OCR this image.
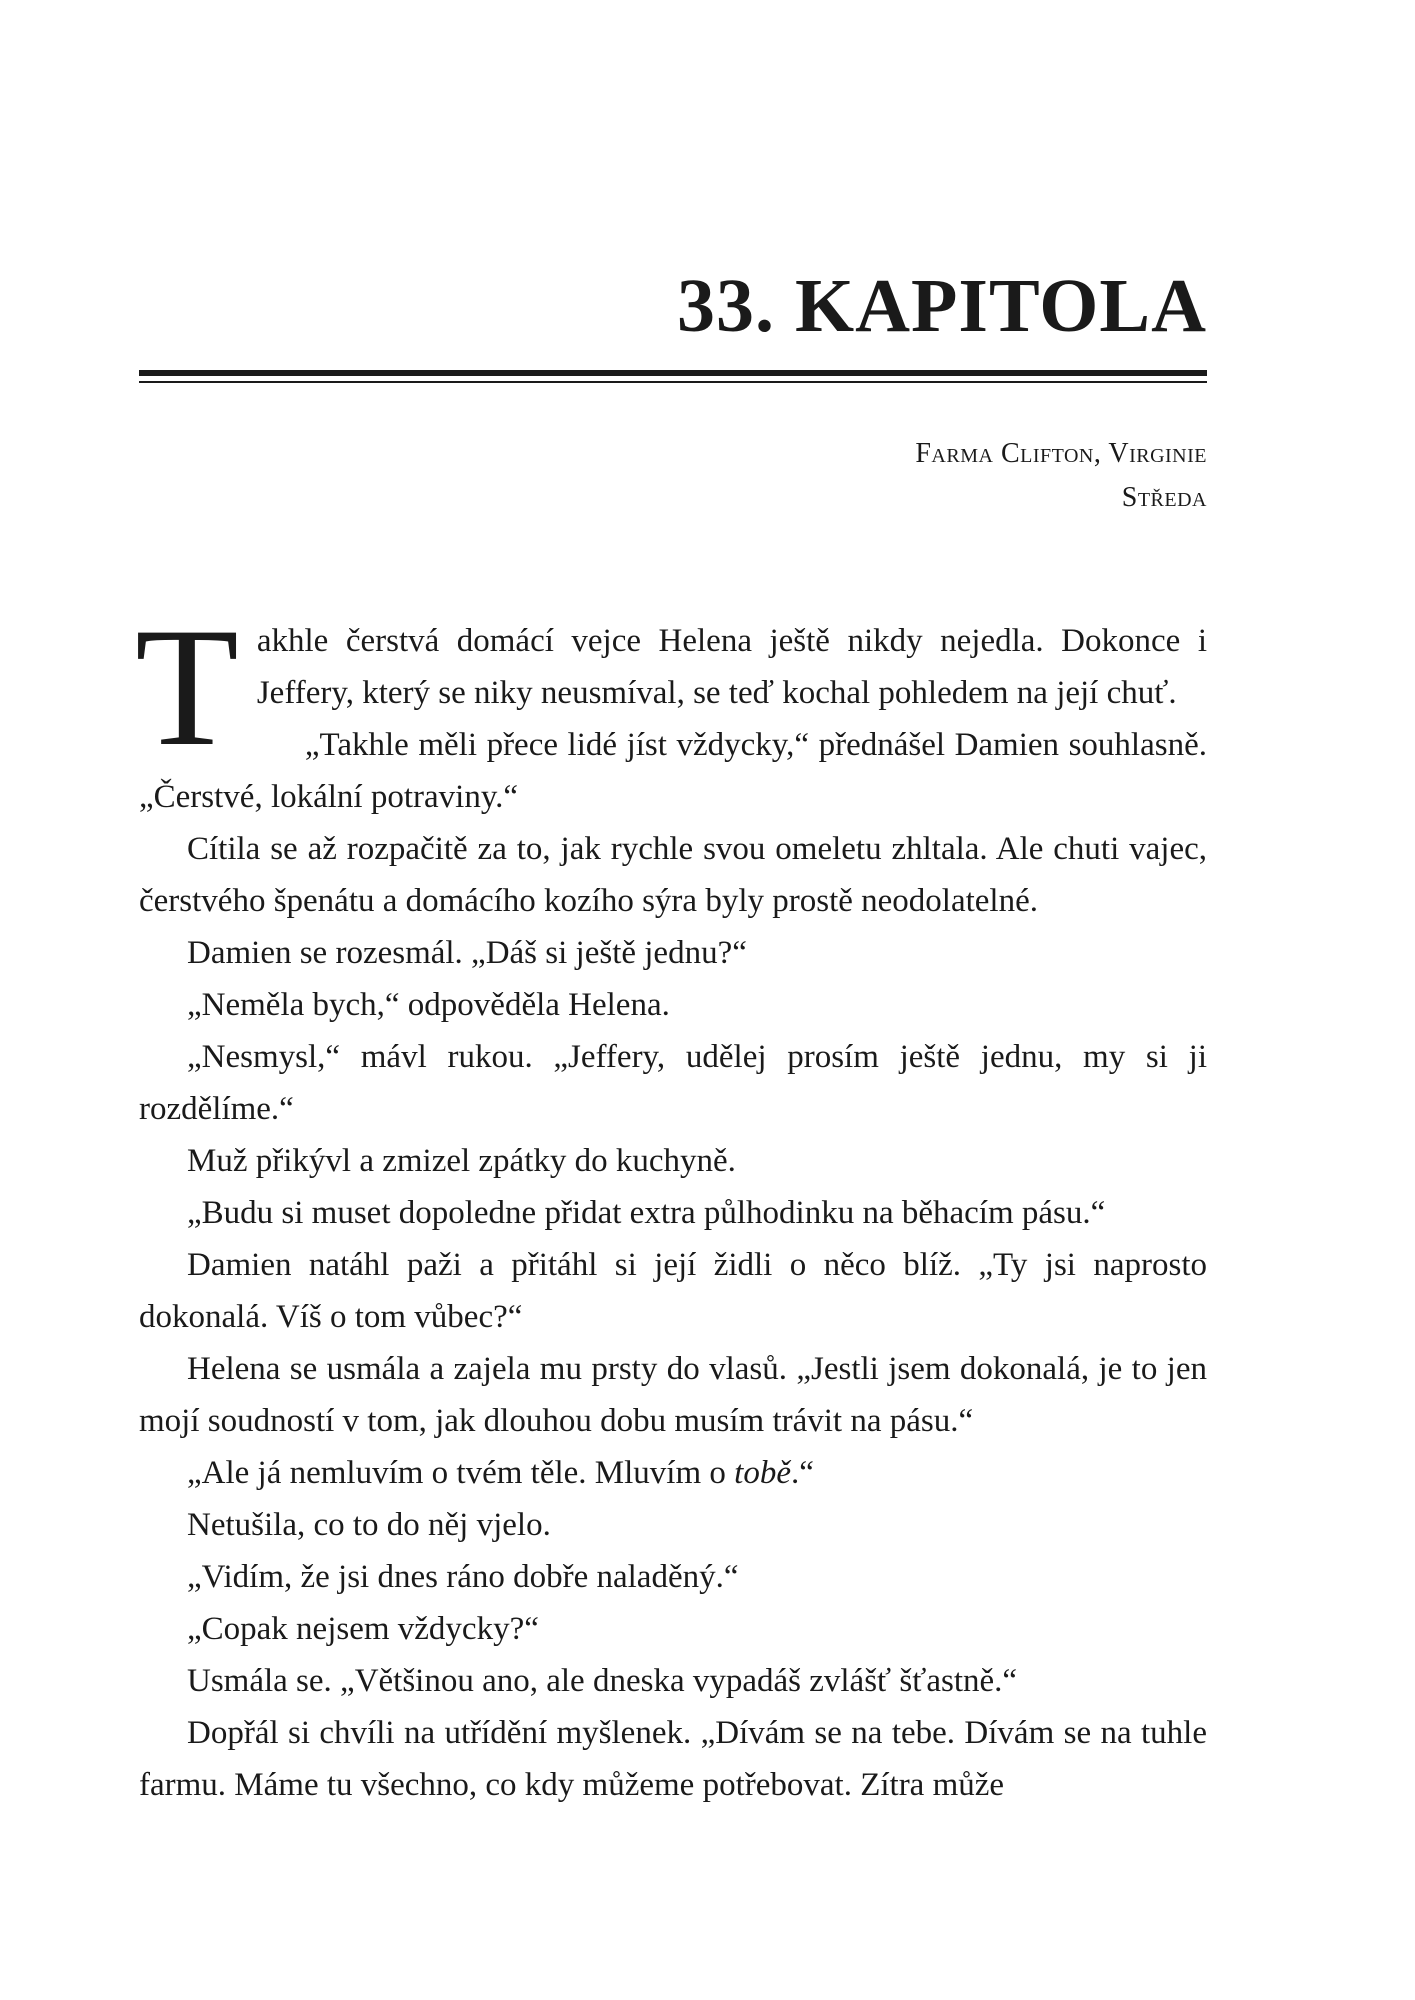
33. KAPITOLA
Farma Clifton, Virginie
Středa

Takhle čerstvá domácí vejce Helena ještě nikdy nejedla. Dokonce i Jeffery, který se niky neusmíval, se teď kochal pohledem na její chuť.

„Takhle měli přece lidé jíst vždycky,“ přednášel Damien souhlasně. „Čerstvé, lokální potraviny.“

Cítila se až rozpačitě za to, jak rychle svou omeletu zhltala. Ale chuti vajec, čerstvého špenátu a domácího kozího sýra byly prostě neodolatelné.

Damien se rozesmál. „Dáš si ještě jednu?“

„Neměla bych,“ odpověděla Helena.

„Nesmysl,“ mávl rukou. „Jeffery, udělej prosím ještě jednu, my si ji rozdělíme.“

Muž přikývl a zmizel zpátky do kuchyně.

„Budu si muset dopoledne přidat extra půlhodinku na běhacím pásu.“

Damien natáhl paži a přitáhl si její židli o něco blíž. „Ty jsi naprosto dokonalá. Víš o tom vůbec?“

Helena se usmála a zajela mu prsty do vlasů. „Jestli jsem dokonalá, je to jen mojí soudností v tom, jak dlouhou dobu musím trávit na pásu.“

„Ale já nemluvím o tvém těle. Mluvím o tobě.“

Netušila, co to do něj vjelo.

„Vidím, že jsi dnes ráno dobře naladěný.“

„Copak nejsem vždycky?“

Usmála se. „Většinou ano, ale dneska vypadáš zvlášť šťastně.“

Dopřál si chvíli na utřídění myšlenek. „Dívám se na tebe. Dívám se na tuhle farmu. Máme tu všechno, co kdy můžeme potřebovat. Zítra může
